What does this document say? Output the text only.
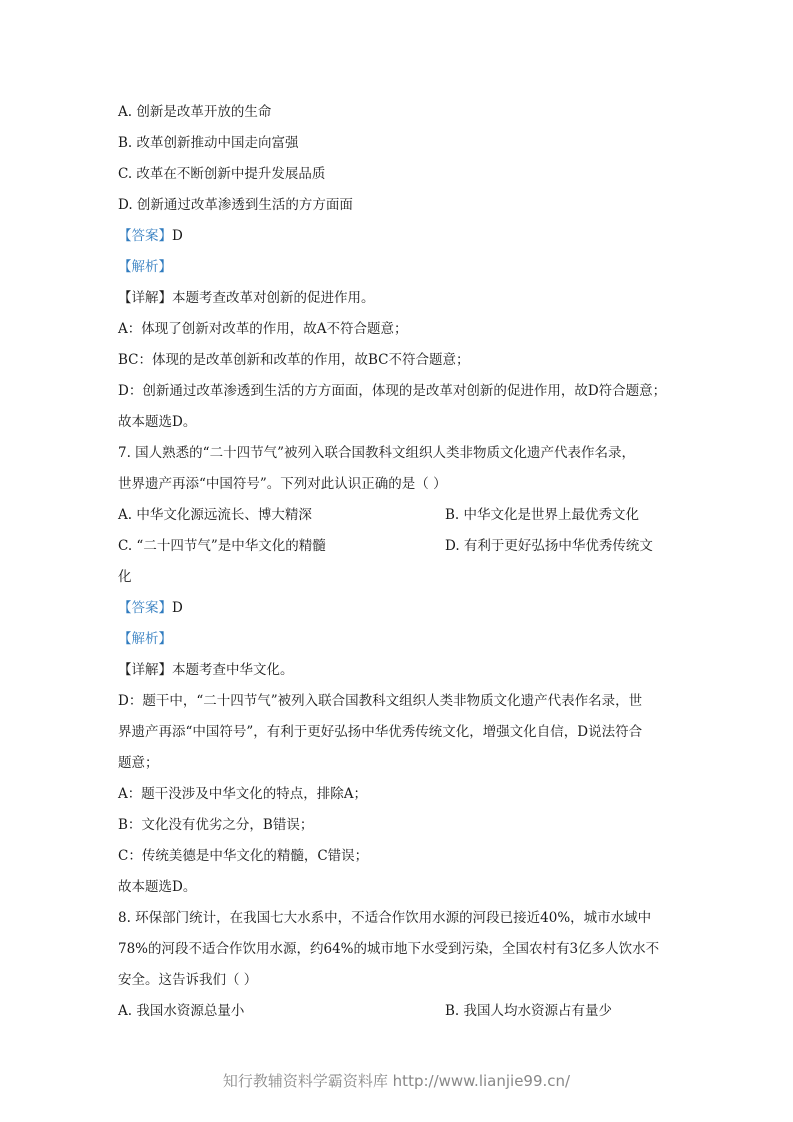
A. 创新是改革开放的生命
B. 改革创新推动中国走向富强
C. 改革在不断创新中提升发展品质
D. 创新通过改革渗透到生活的方方面面
【答案】D
【解析】
【详解】本题考查改革对创新的促进作用。
A：体现了创新对改革的作用，故A不符合题意；
BC：体现的是改革创新和改革的作用，故BC不符合题意；
D：创新通过改革渗透到生活的方方面面，体现的是改革对创新的促进作用，故D符合题意；
故本题选D。
7. 国人熟悉的“二十四节气”被列入联合国教科文组织人类非物质文化遗产代表作名录，
世界遗产再添“中国符号”。下列对此认识正确的是（ ）
A. 中华文化源远流长、博大精深	B. 中华文化是世界上最优秀文化
C. “二十四节气”是中华文化的精髓	D. 有利于更好弘扬中华优秀传统文
化
【答案】D
【解析】
【详解】本题考查中华文化。
D：题干中，“二十四节气”被列入联合国教科文组织人类非物质文化遗产代表作名录，世
界遗产再添“中国符号”，有利于更好弘扬中华优秀传统文化，增强文化自信，D说法符合
题意；
A：题干没涉及中华文化的特点，排除A；
B：文化没有优劣之分，B错误；
C：传统美德是中华文化的精髓，C错误；
故本题选D。
8. 环保部门统计，在我国七大水系中，不适合作饮用水源的河段已接近40%，城市水域中
78%的河段不适合作饮用水源，约64%的城市地下水受到污染，全国农村有3亿多人饮水不
安全。这告诉我们（ ）
A. 我国水资源总量小	B. 我国人均水资源占有量少
知行教辅资料学霸资料库 http://www.lianjie99.cn/
